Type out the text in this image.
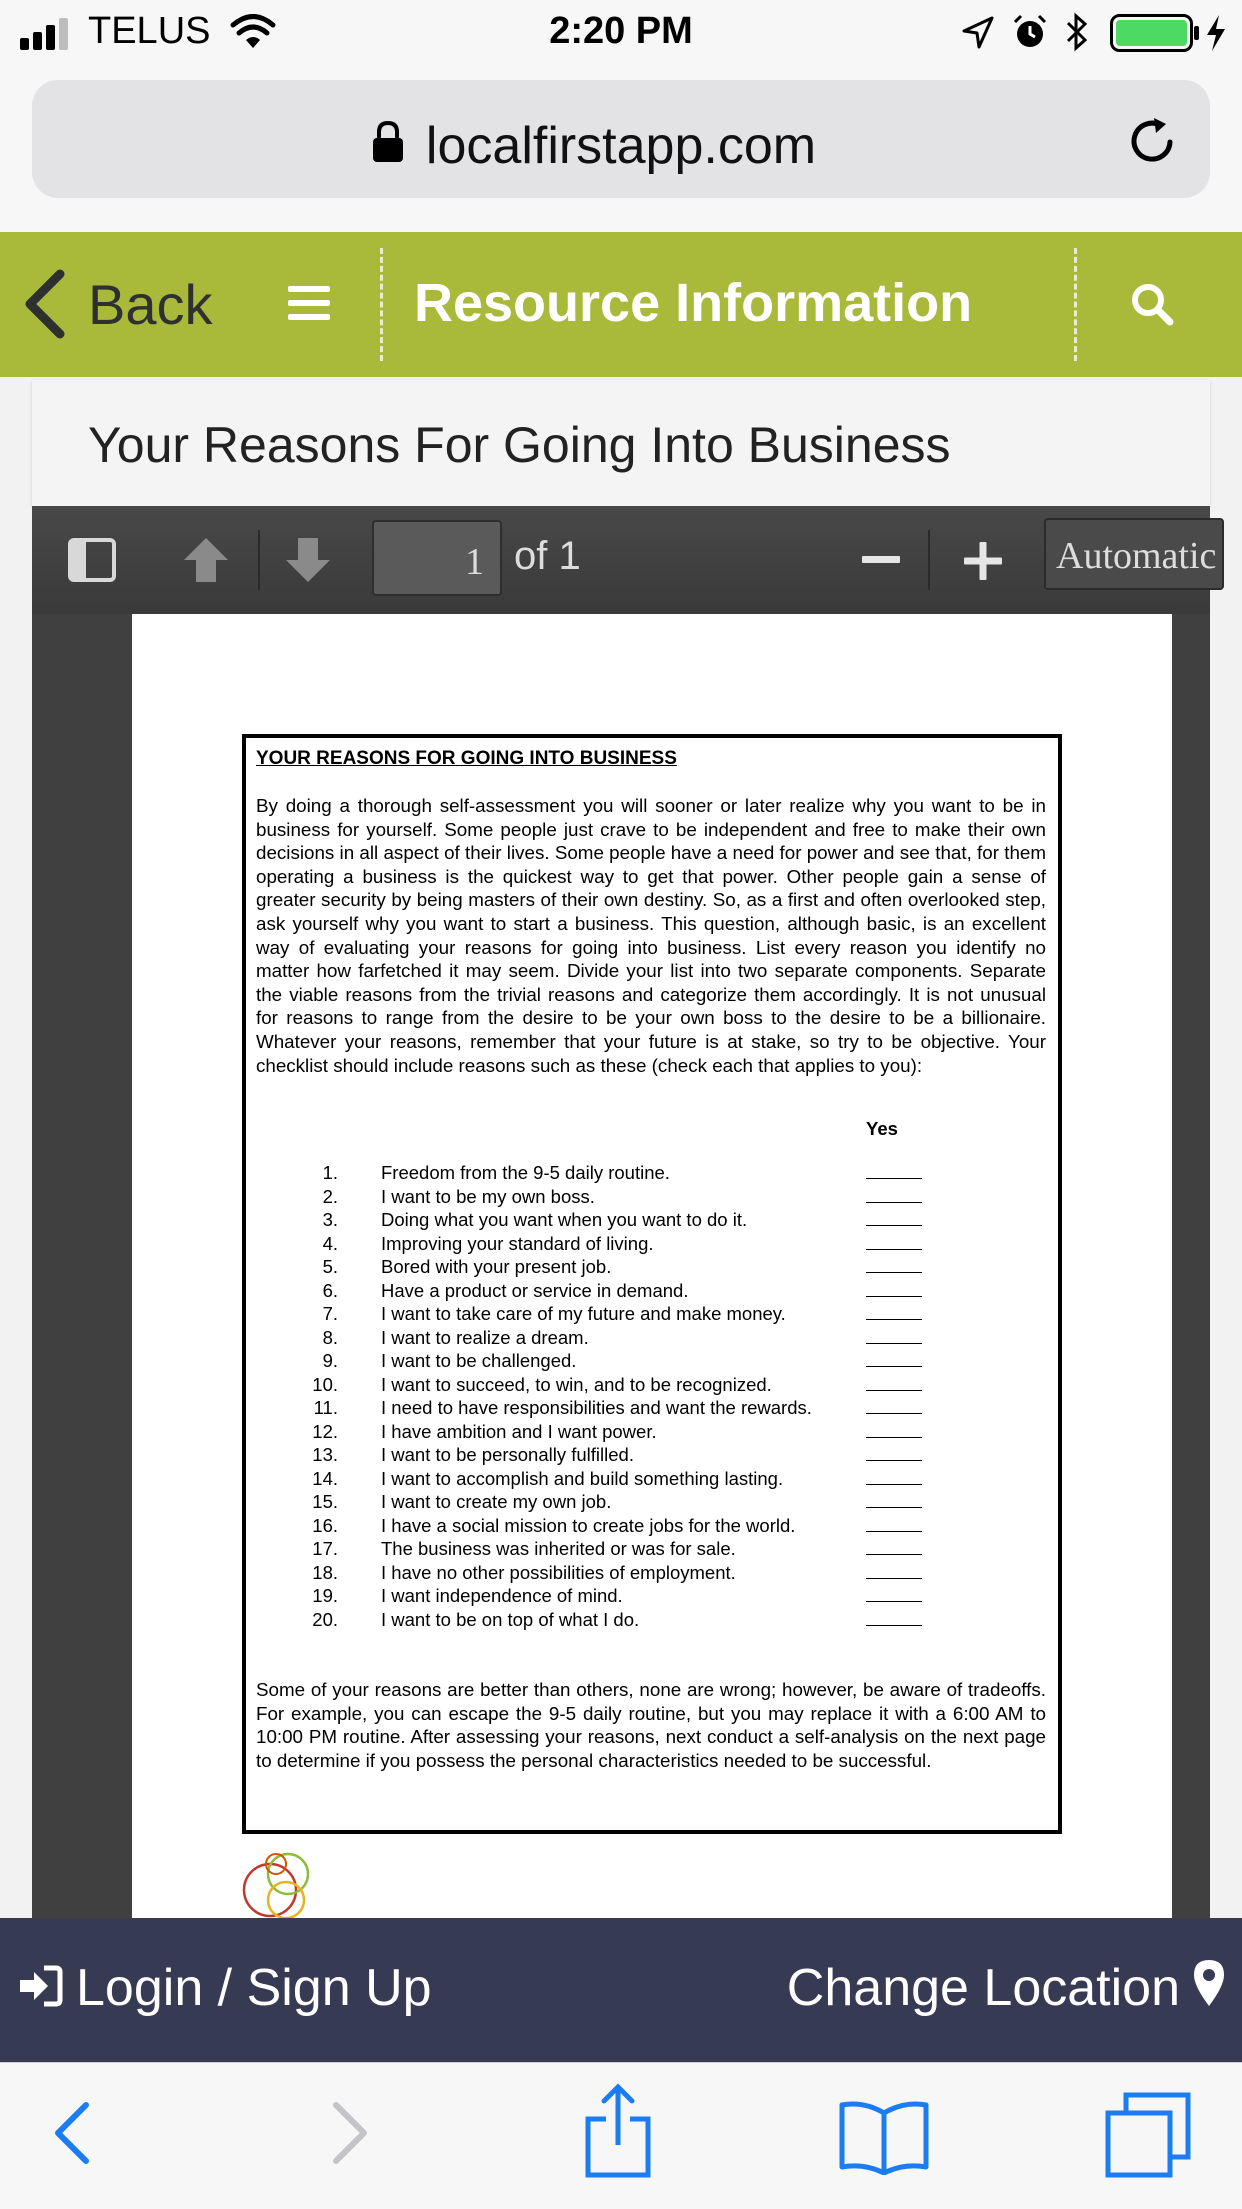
TELUS	2:20 PM
localfirstapp.com
Back	Resource Information
Your Reasons For Going Into Business
1 of 1	Automatic
YOUR REASONS FOR GOING INTO BUSINESS
By doing a thorough self-assessment you will sooner or later realize why you want to be in business for yourself. Some people just crave to be independent and free to make their own decisions in all aspect of their lives. Some people have a need for power and see that, for them operating a business is the quickest way to get that power. Other people gain a sense of greater security by being masters of their own destiny. So, as a first and often overlooked step, ask yourself why you want to start a business. This question, although basic, is an excellent way of evaluating your reasons for going into business. List every reason you identify no matter how farfetched it may seem. Divide your list into two separate components. Separate the viable reasons from the trivial reasons and categorize them accordingly. It is not unusual for reasons to range from the desire to be your own boss to the desire to be a billionaire. Whatever your reasons, remember that your future is at stake, so try to be objective. Your checklist should include reasons such as these (check each that applies to you):
Yes
1. Freedom from the 9-5 daily routine.
2. I want to be my own boss.
3. Doing what you want when you want to do it.
4. Improving your standard of living.
5. Bored with your present job.
6. Have a product or service in demand.
7. I want to take care of my future and make money.
8. I want to realize a dream.
9. I want to be challenged.
10. I want to succeed, to win, and to be recognized.
11. I need to have responsibilities and want the rewards.
12. I have ambition and I want power.
13. I want to be personally fulfilled.
14. I want to accomplish and build something lasting.
15. I want to create my own job.
16. I have a social mission to create jobs for the world.
17. The business was inherited or was for sale.
18. I have no other possibilities of employment.
19. I want independence of mind.
20. I want to be on top of what I do.
Some of your reasons are better than others, none are wrong; however, be aware of tradeoffs. For example, you can escape the 9-5 daily routine, but you may replace it with a 6:00 AM to 10:00 PM routine. After assessing your reasons, next conduct a self-analysis on the next page to determine if you possess the personal characteristics needed to be successful.
Login / Sign Up	Change Location
